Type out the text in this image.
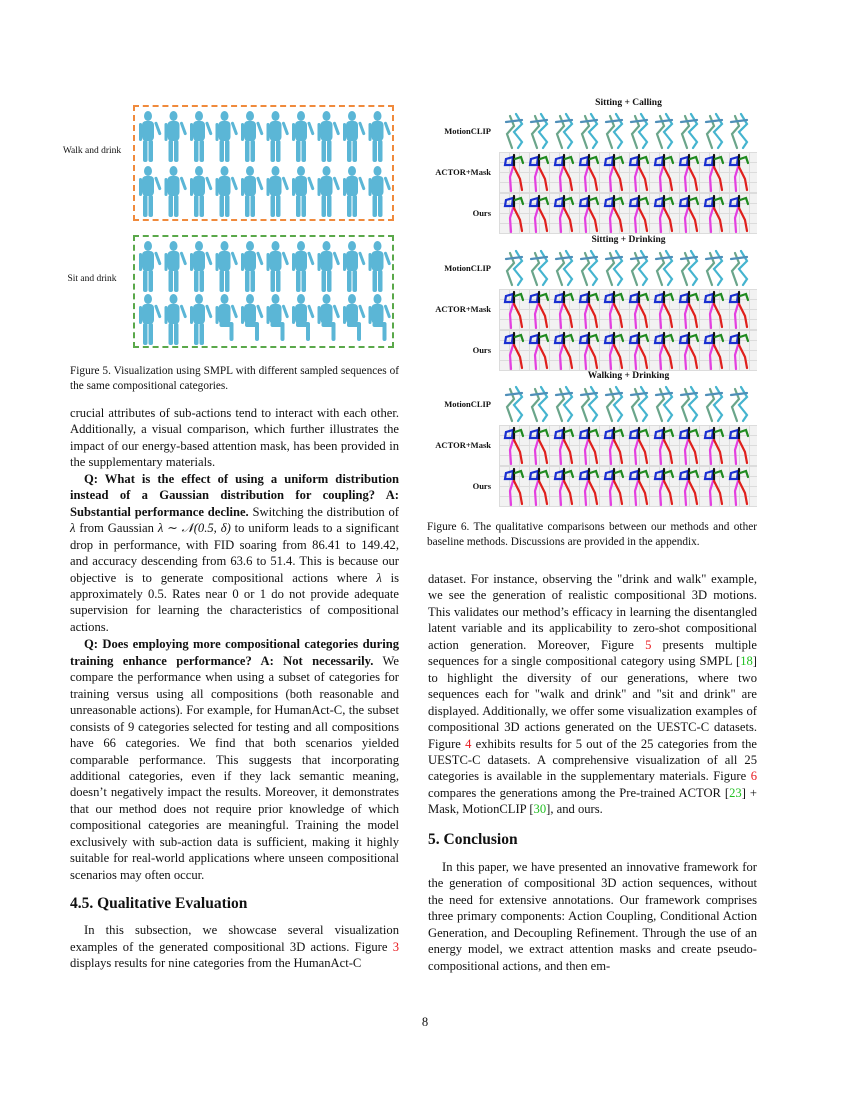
Walk and drink
Sit and drink
Figure 5. Visualization using SMPL with different sampled sequences of the same compositional categories.
Sitting + Calling
Sitting + Drinking
Walking + Drinking
MotionCLIP
ACTOR+Mask
Ours
MotionCLIP
ACTOR+Mask
Ours
MotionCLIP
ACTOR+Mask
Ours
Figure 6. The qualitative comparisons between our methods and other baseline methods. Discussions are provided in the appendix.

crucial attributes of sub-actions tend to interact with each other. Additionally, a visual comparison, which further illustrates the impact of our energy-based attention mask, has been provided in the supplementary materials.

Q: What is the effect of using a uniform distribution instead of a Gaussian distribution for coupling? A: Substantial performance decline. Switching the distribution of λ from Gaussian λ ∼ 𝒩(0.5, δ) to uniform leads to a significant drop in performance, with FID soaring from 86.41 to 149.42, and accuracy descending from 63.6 to 51.4. This is because our objective is to generate compositional actions where λ is approximately 0.5. Rates near 0 or 1 do not provide adequate supervision for learning the characteristics of compositional actions.

Q: Does employing more compositional categories during training enhance performance? A: Not necessarily. We compare the performance when using a subset of categories for training versus using all compositions (both reasonable and unreasonable actions). For example, for HumanAct-C, the subset consists of 9 categories selected for testing and all compositions have 66 categories. We find that both scenarios yielded comparable performance. This suggests that incorporating additional categories, even if they lack semantic meaning, doesn’t negatively impact the results. Moreover, it demonstrates that our method does not require prior knowledge of which compositional categories are meaningful. Training the model exclusively with sub-action data is sufficient, making it highly suitable for real-world applications where unseen compositional scenarios may often occur.

4.5. Qualitative Evaluation

In this subsection, we showcase several visualization examples of the generated compositional 3D actions. Figure 3 displays results for nine categories from the HumanAct-C

dataset. For instance, observing the "drink and walk" example, we see the generation of realistic compositional 3D motions. This validates our method’s efficacy in learning the disentangled latent variable and its applicability to zero-shot compositional action generation. Moreover, Figure 5 presents multiple sequences for a single compositional category using SMPL [18] to highlight the diversity of our generations, where two sequences each for "walk and drink" and "sit and drink" are displayed. Additionally, we offer some visualization examples of compositional 3D actions generated on the UESTC-C datasets. Figure 4 exhibits results for 5 out of the 25 categories from the UESTC-C datasets. A comprehensive visualization of all 25 categories is available in the supplementary materials. Figure 6 compares the generations among the Pre-trained ACTOR [23] + Mask, MotionCLIP [30], and ours.

5. Conclusion

In this paper, we have presented an innovative framework for the generation of compositional 3D action sequences, without the need for extensive annotations. Our framework comprises three primary components: Action Coupling, Conditional Action Generation, and Decoupling Refinement. Through the use of an energy model, we extract attention masks and create pseudo-compositional actions, and then em-

8
